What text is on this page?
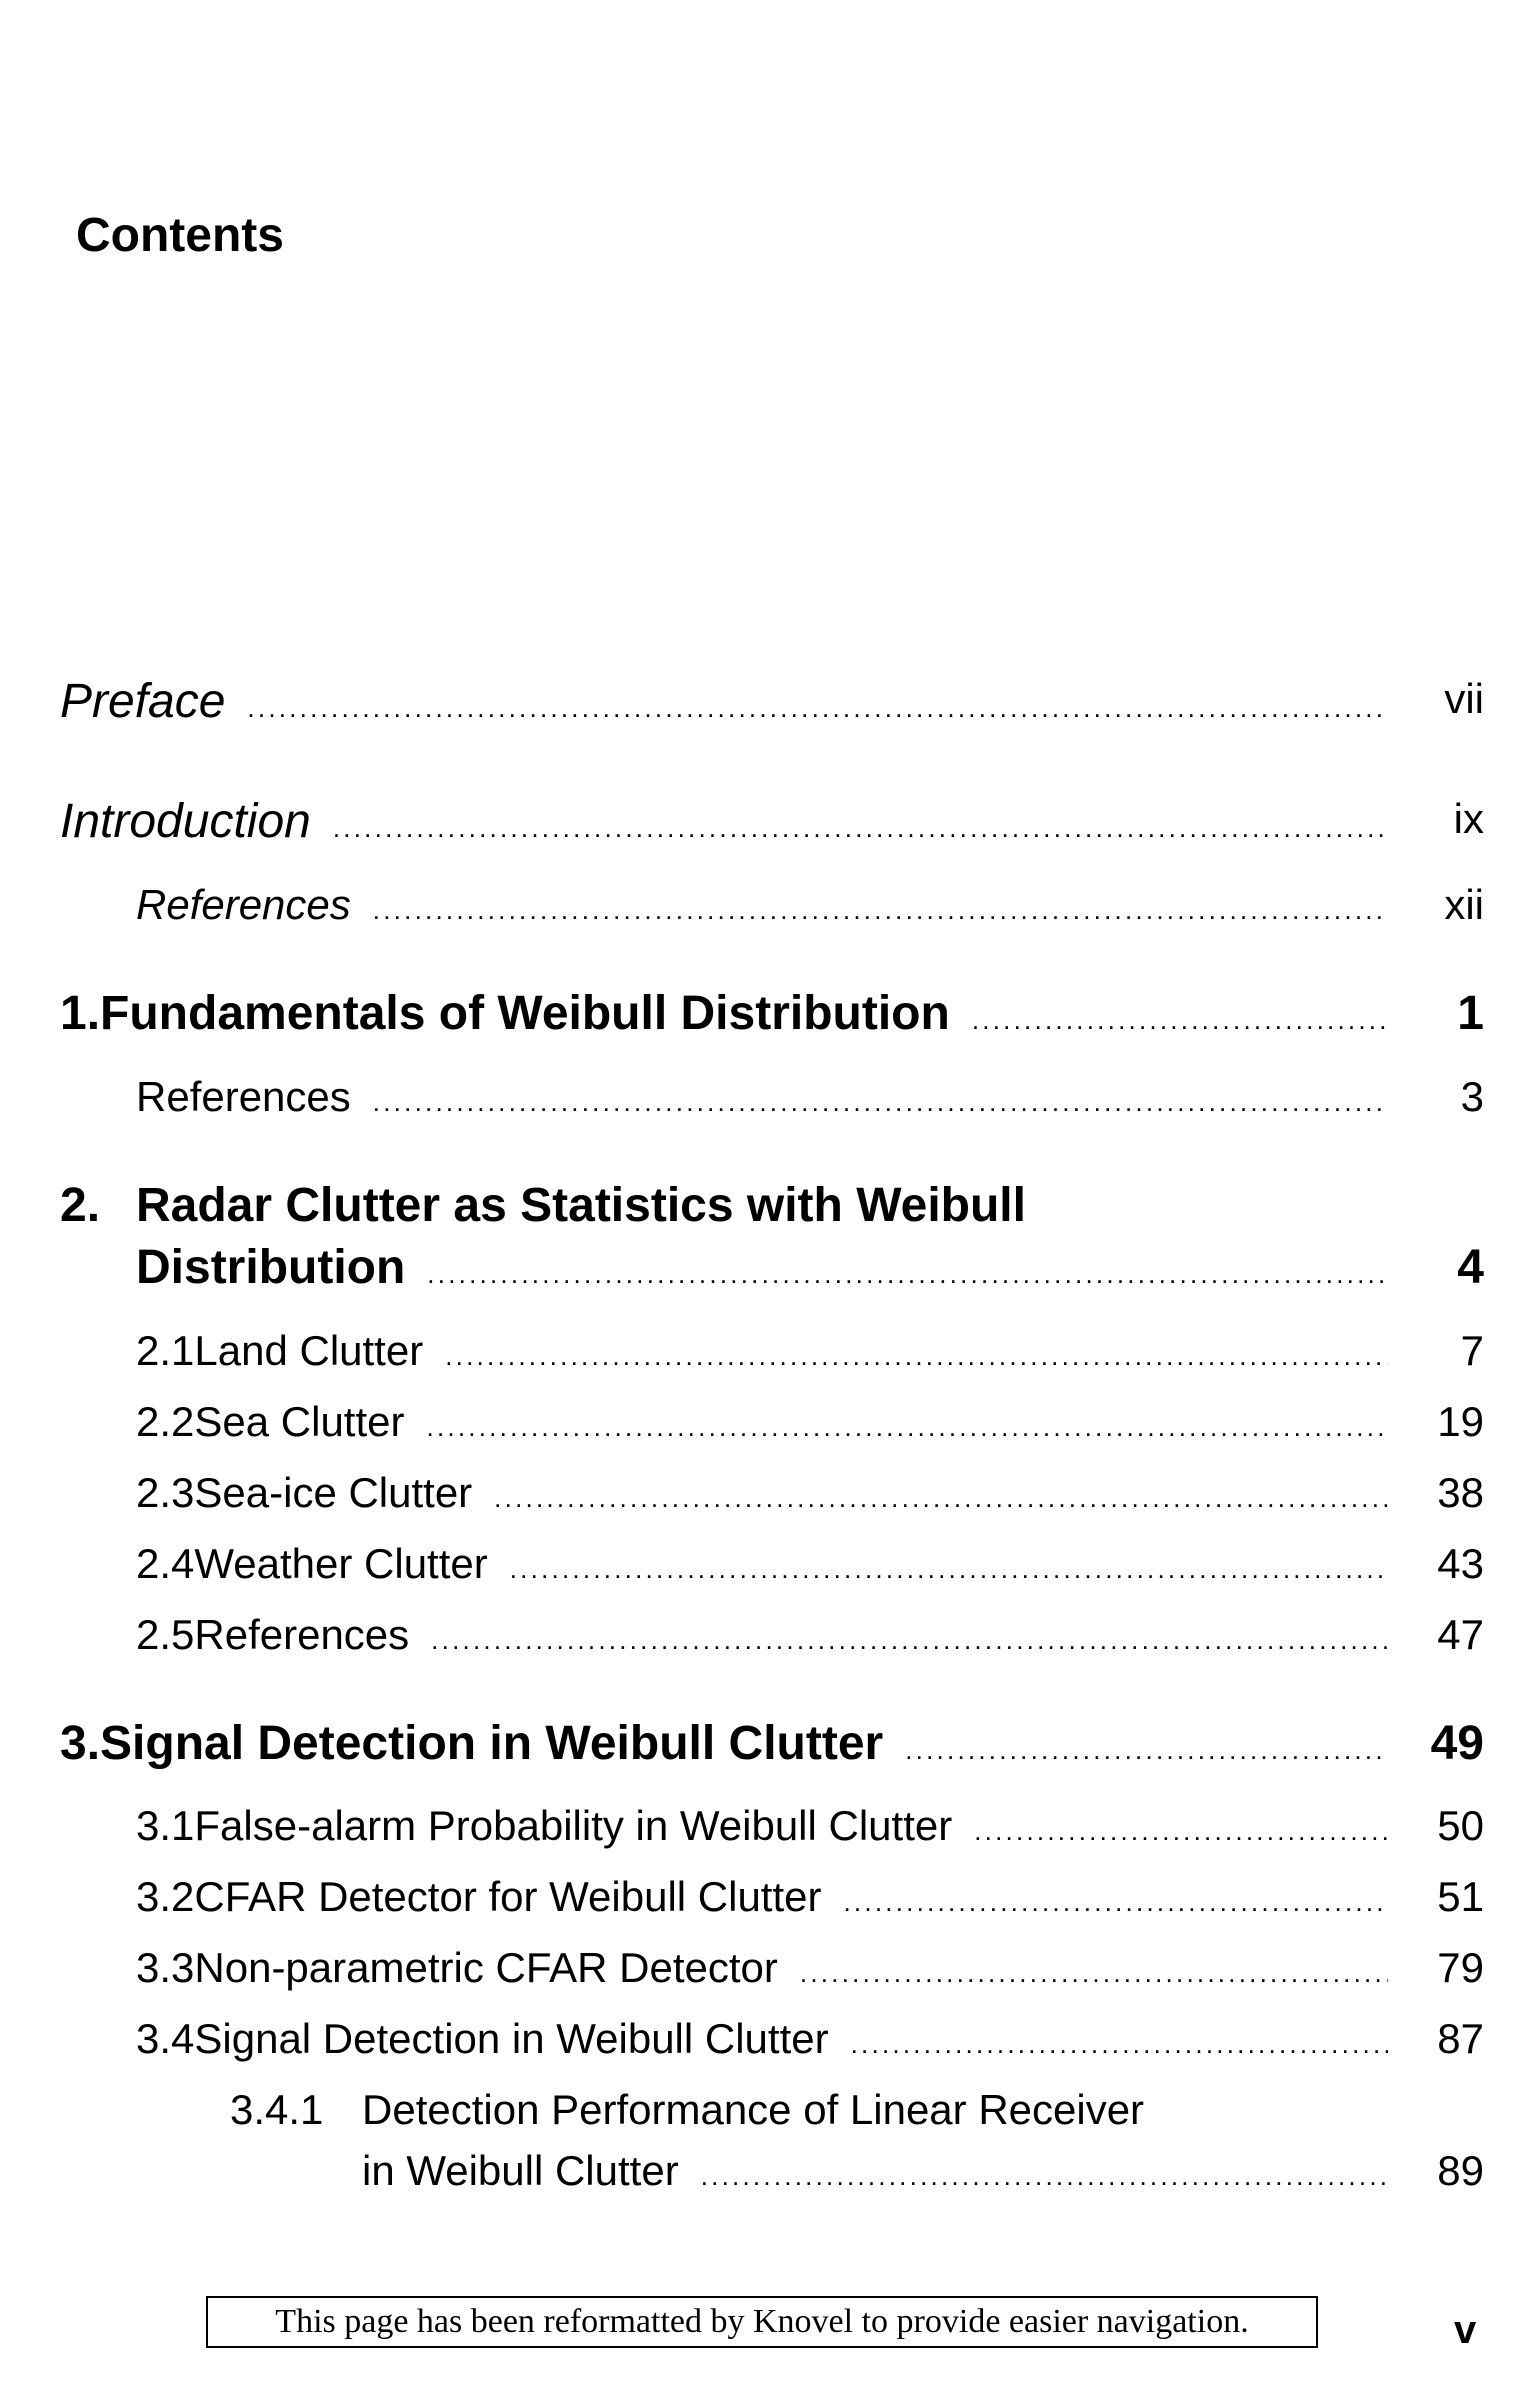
Contents
Preface . . .	vii
Introduction . . .	ix
References . . .	xii
1. Fundamentals of Weibull Distribution . . .	1
References . . .	3
2. Radar Clutter as Statistics with Weibull
Distribution . . .	4
2.1 Land Clutter . . .	7
2.2 Sea Clutter . . .	19
2.3 Sea-ice Clutter . . .	38
2.4 Weather Clutter . . .	43
2.5 References . . .	47
3. Signal Detection in Weibull Clutter . . .	49
3.1 False-alarm Probability in Weibull Clutter . . .	50
3.2 CFAR Detector for Weibull Clutter . . .	51
3.3 Non-parametric CFAR Detector . . .	79
3.4 Signal Detection in Weibull Clutter . . .	87
3.4.1 Detection Performance of Linear Receiver
in Weibull Clutter . . .	89
This page has been reformatted by Knovel to provide easier navigation.	v
